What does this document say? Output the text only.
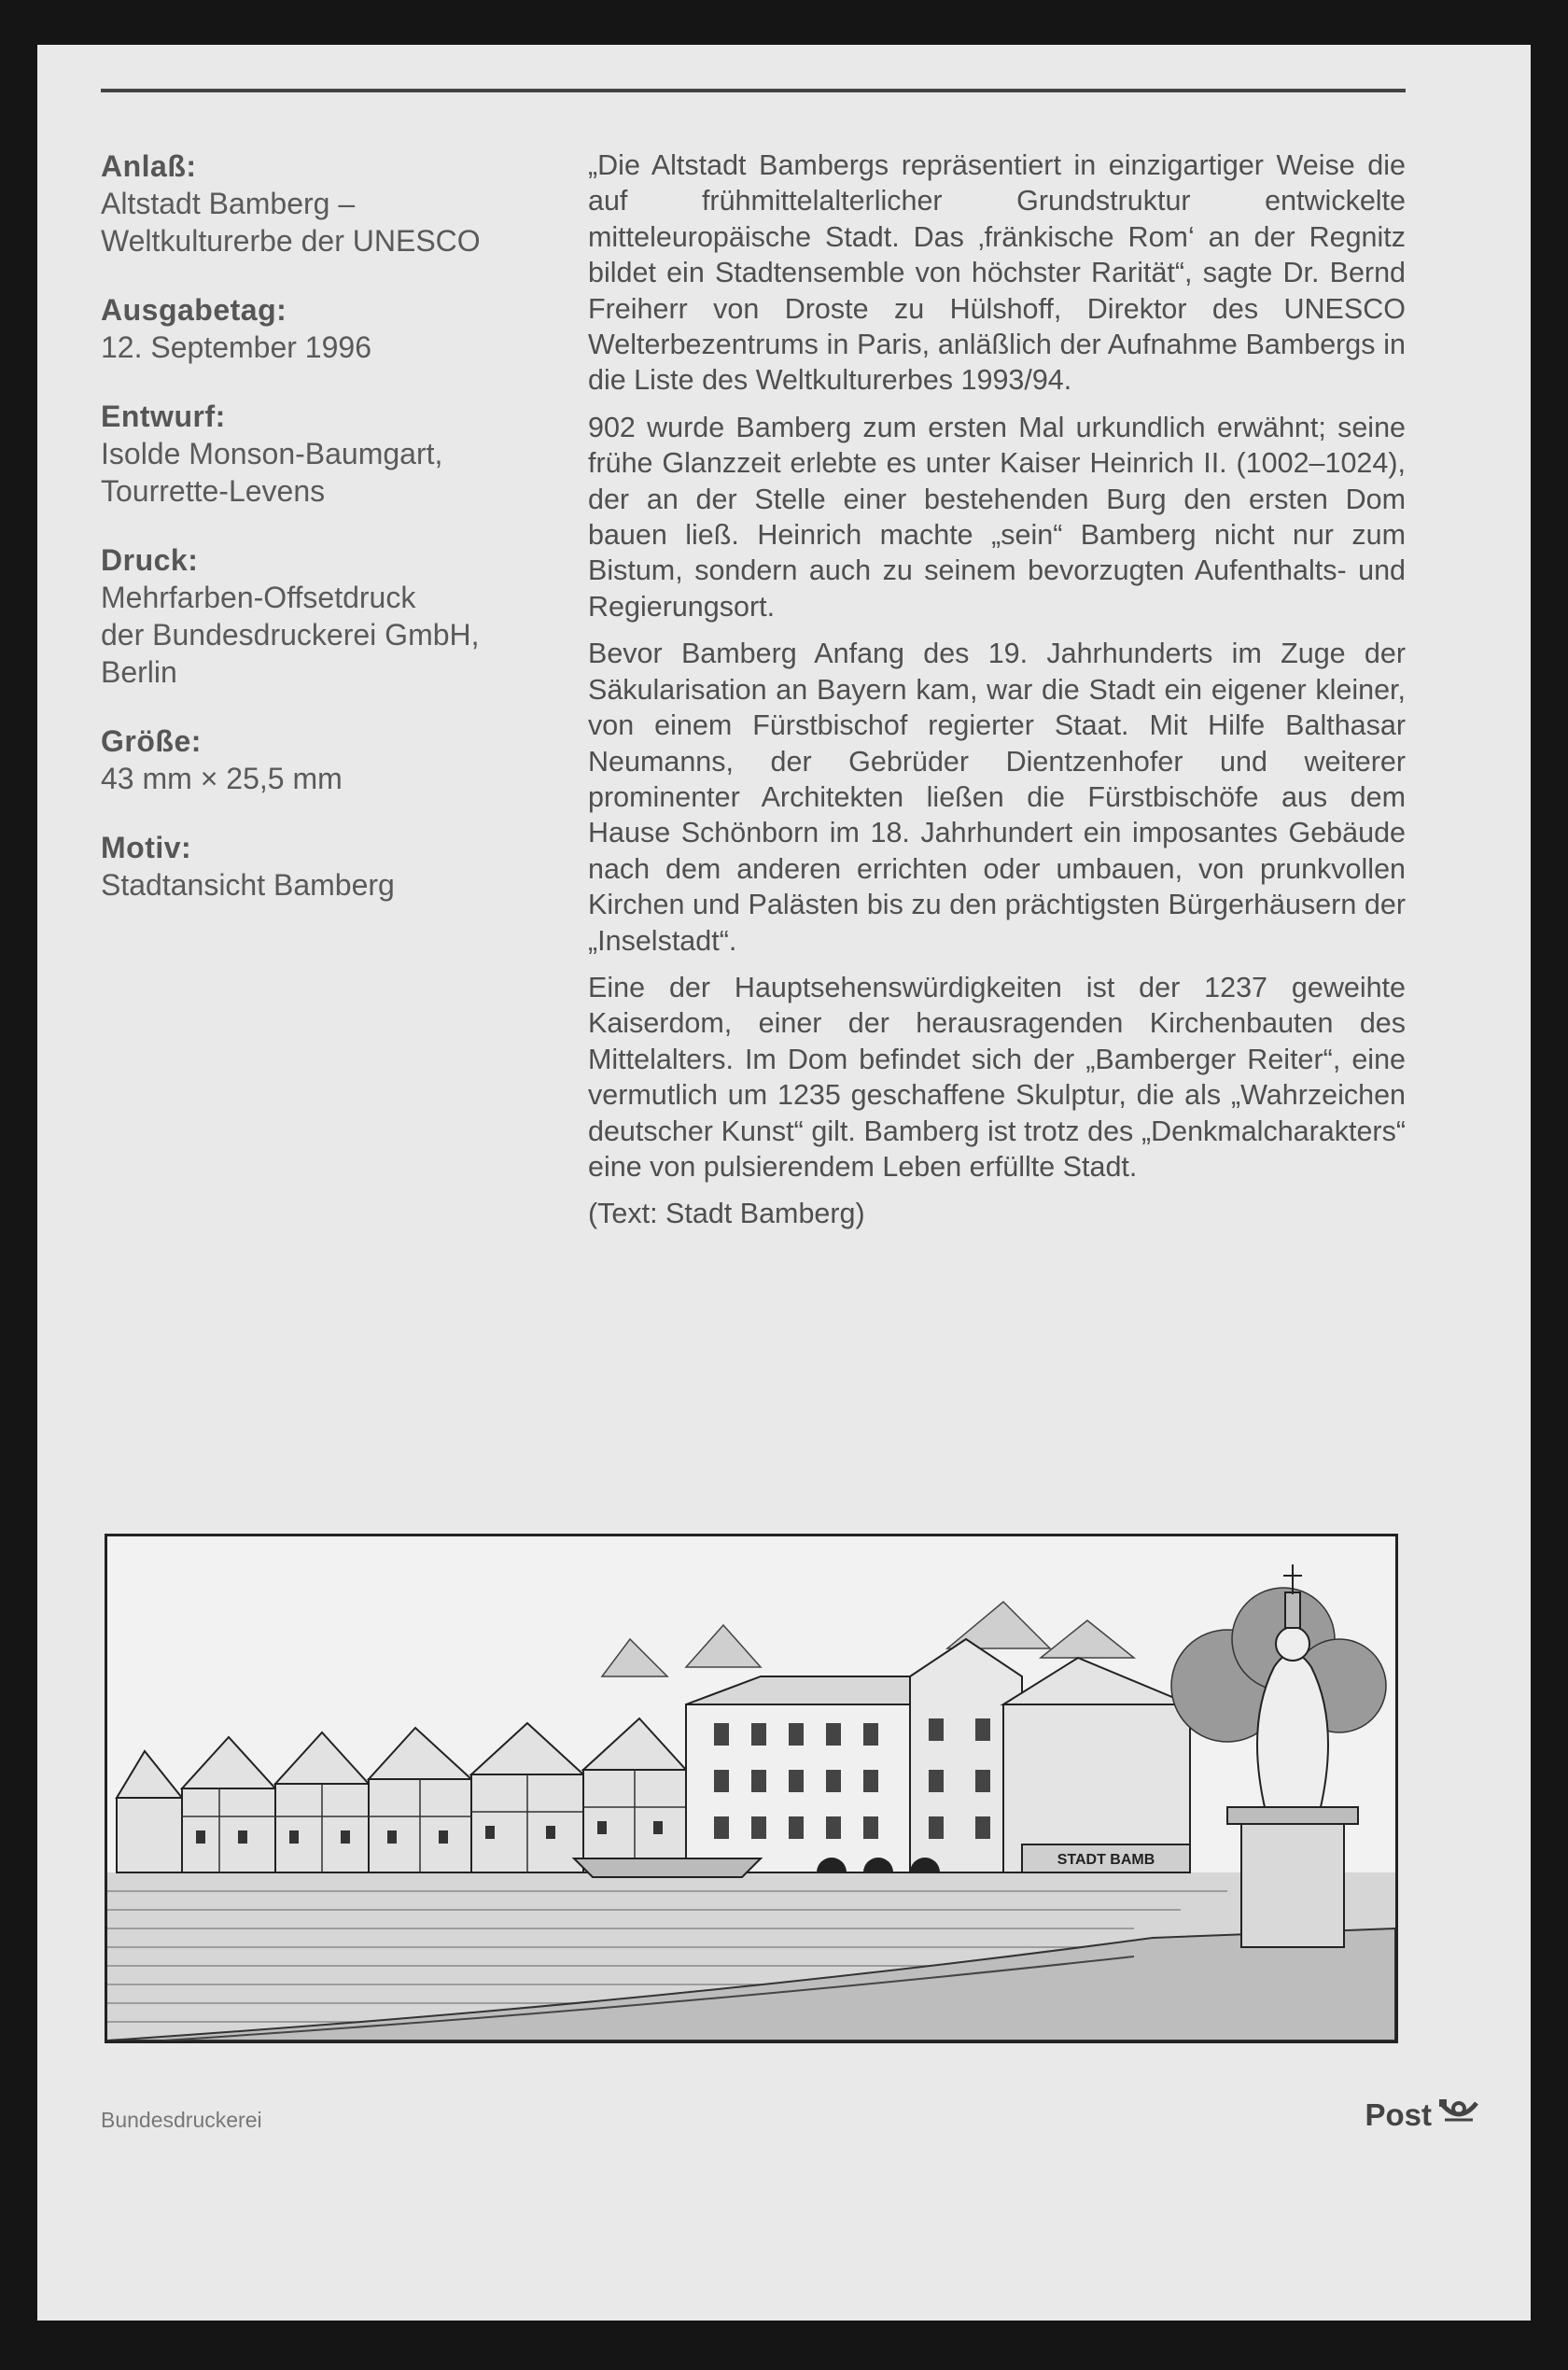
Anlaß:
Altstadt Bamberg –
Weltkulturerbe der UNESCO
Ausgabetag:
12. September 1996
Entwurf:
Isolde Monson-Baumgart,
Tourrette-Levens
Druck:
Mehrfarben-Offsetdruck
der Bundesdruckerei GmbH,
Berlin
Größe:
43 mm × 25,5 mm
Motiv:
Stadtansicht Bamberg

„Die Altstadt Bambergs repräsentiert in einzigartiger Weise die auf frühmittelalterlicher Grundstruktur entwickelte mitteleuropäische Stadt. Das ‚fränkische Rom‘ an der Regnitz bildet ein Stadtensemble von höchster Rarität“, sagte Dr. Bernd Freiherr von Droste zu Hülshoff, Direktor des UNESCO Welterbezentrums in Paris, anläßlich der Aufnahme Bambergs in die Liste des Weltkulturerbes 1993/94.

902 wurde Bamberg zum ersten Mal urkundlich erwähnt; seine frühe Glanzzeit erlebte es unter Kaiser Heinrich II. (1002–1024), der an der Stelle einer bestehenden Burg den ersten Dom bauen ließ. Heinrich machte „sein“ Bamberg nicht nur zum Bistum, sondern auch zu seinem bevorzugten Aufenthalts- und Regierungsort.

Bevor Bamberg Anfang des 19. Jahrhunderts im Zuge der Säkularisation an Bayern kam, war die Stadt ein eigener kleiner, von einem Fürstbischof regierter Staat. Mit Hilfe Balthasar Neumanns, der Gebrüder Dientzenhofer und weiterer prominenter Architekten ließen die Fürstbischöfe aus dem Hause Schönborn im 18. Jahrhundert ein imposantes Gebäude nach dem anderen errichten oder umbauen, von prunkvollen Kirchen und Palästen bis zu den prächtigsten Bürgerhäusern der „Inselstadt“.

Eine der Hauptsehenswürdigkeiten ist der 1237 geweihte Kaiserdom, einer der herausragenden Kirchenbauten des Mittelalters. Im Dom befindet sich der „Bamberger Reiter“, eine vermutlich um 1235 geschaffene Skulptur, die als „Wahrzeichen deutscher Kunst“ gilt. Bamberg ist trotz des „Denkmalcharakters“ eine von pulsierendem Leben erfüllte Stadt.

(Text: Stadt Bamberg)

STADT BAMB
Bundesdruckerei	Post
